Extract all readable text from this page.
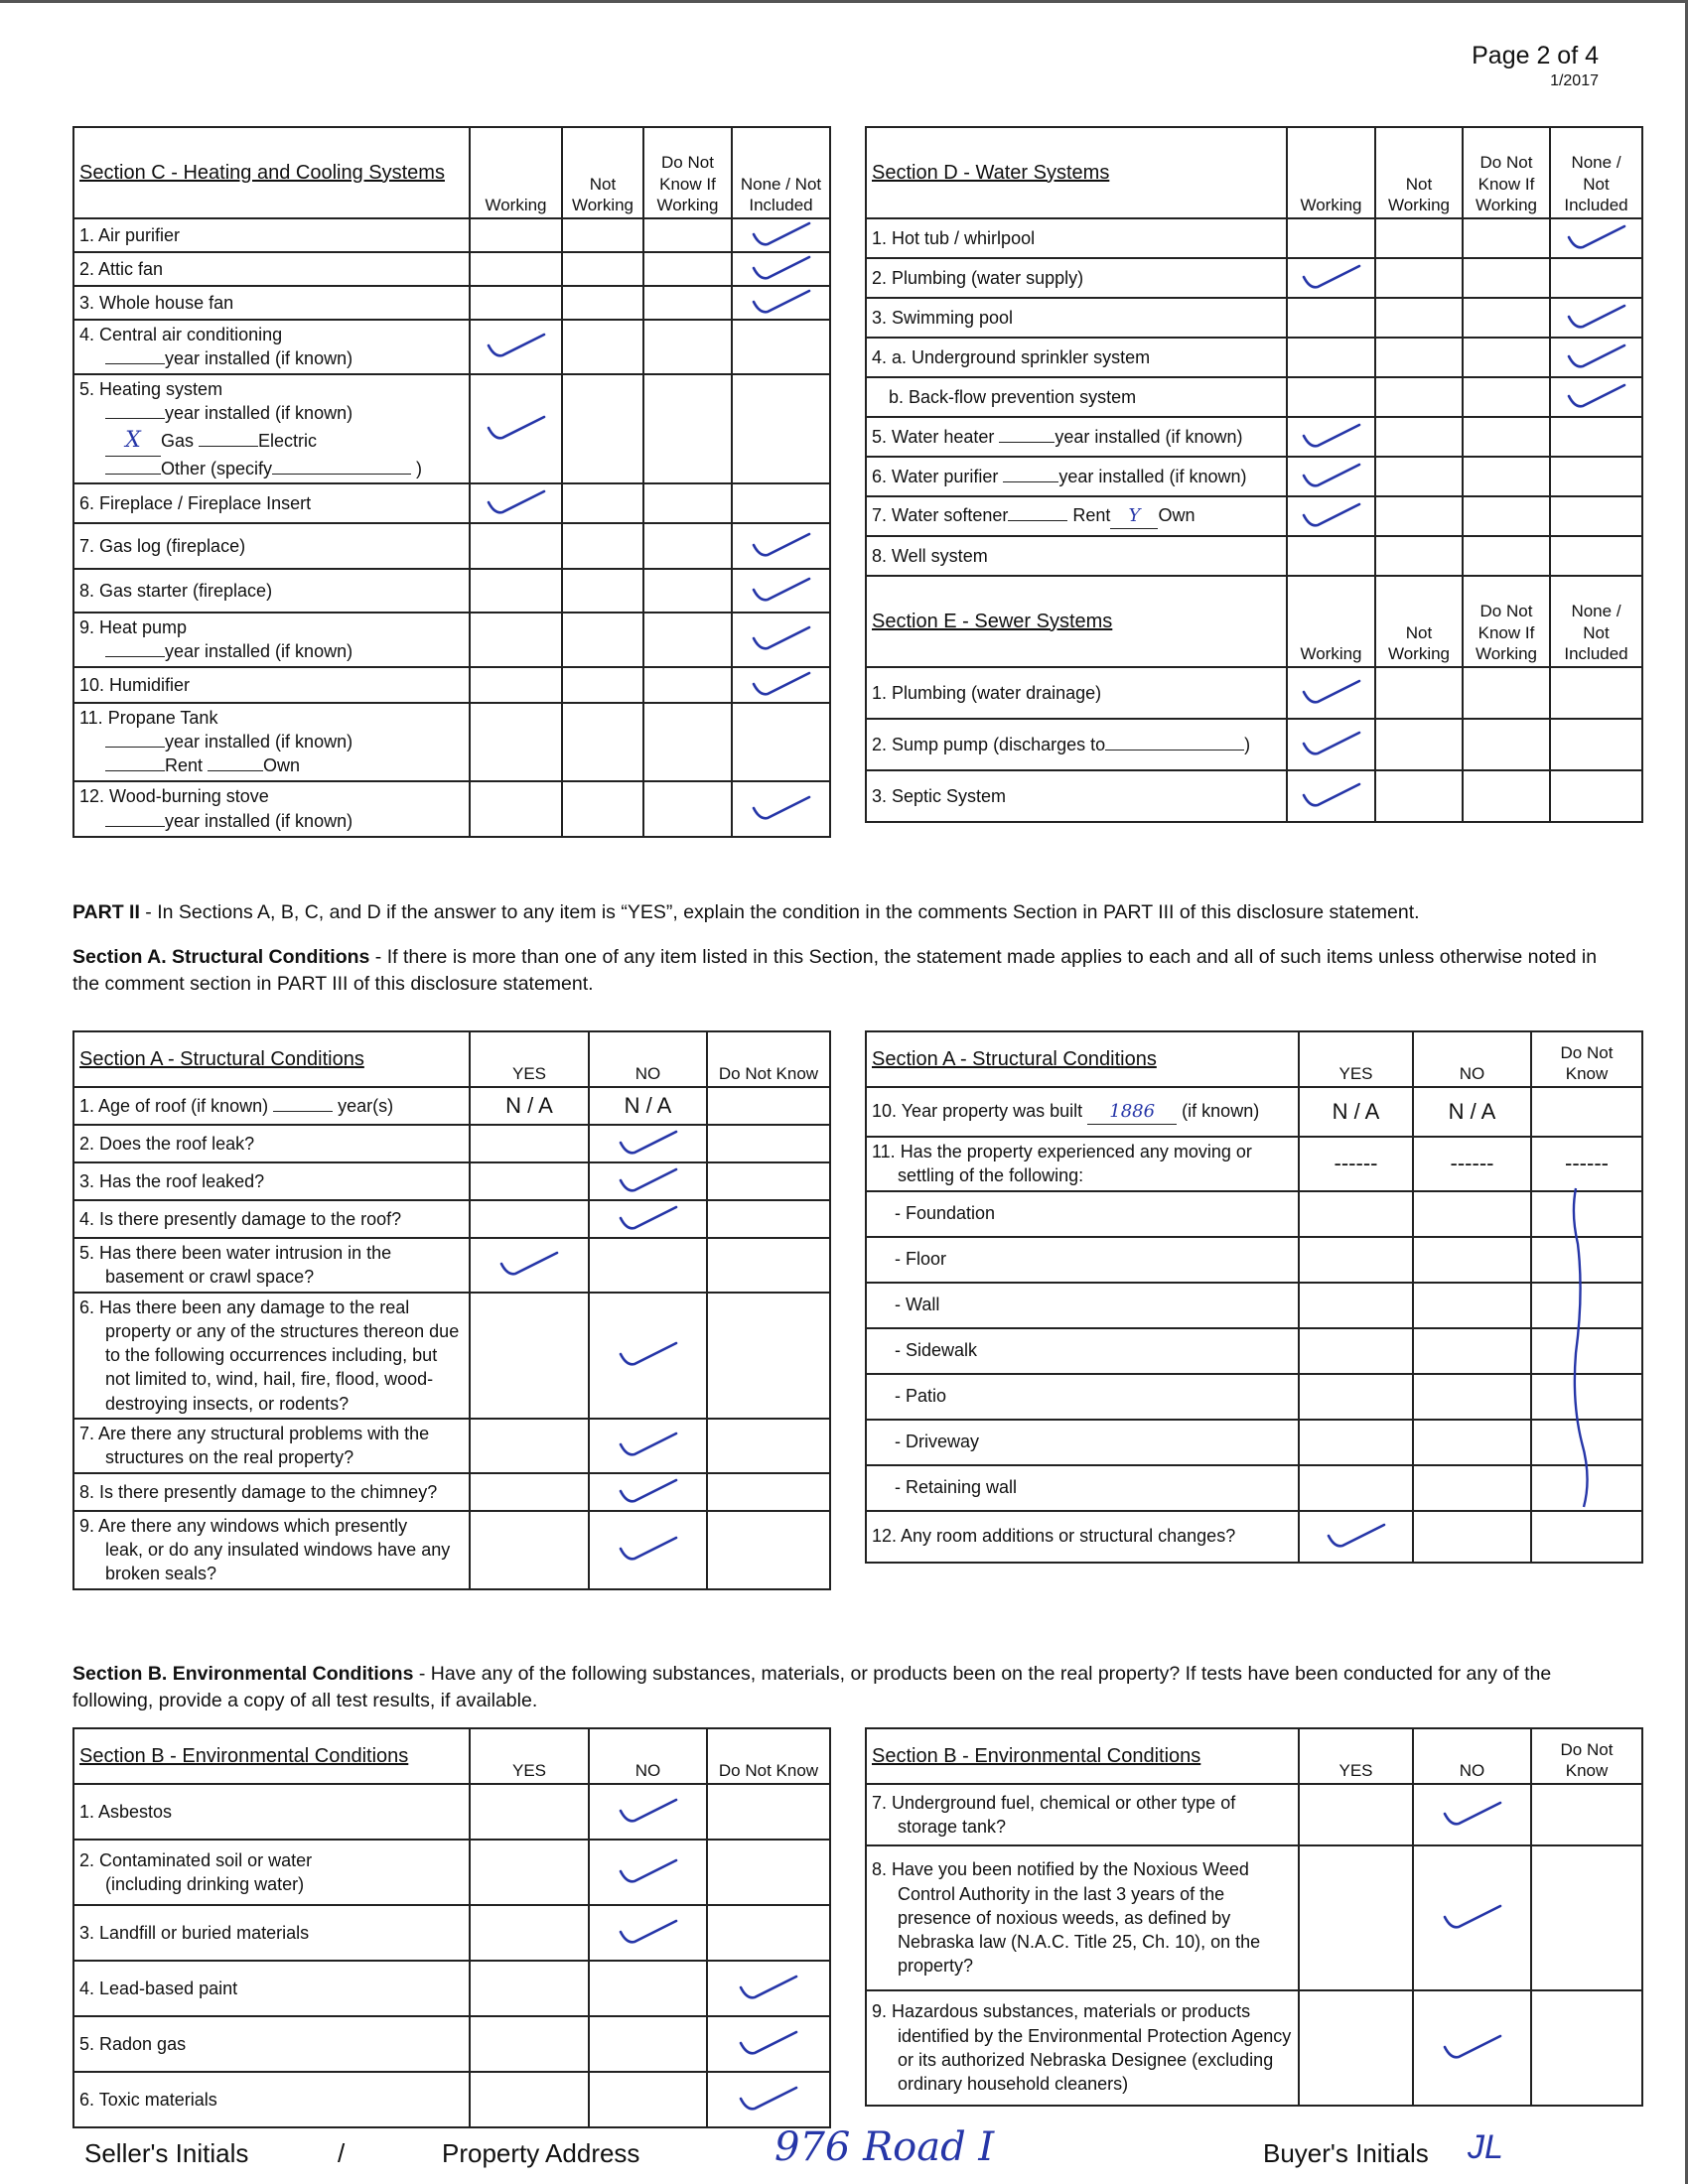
Page 2 of 4
1/2017
Section C - Heating and Cooling Systems	Working	Not Working	Do Not Know If Working	None / Not Included
1. Air purifier				

2. Attic fan				

3. Whole house fan				

4. Central air conditioning
year installed (if known)

5. Heating system
year installed (if known)
X Gas Electric
Other (specify )

6. Fireplace / Fireplace Insert	

7. Gas log (fireplace)				

8. Gas starter (fireplace)				

9. Heat pump
year installed (if known)

10. Humidifier				

11. Propane Tank
year installed (if known)
Rent Own				

12. Wood-burning stove
year installed (if known)

Section D - Water Systems	Working	Not Working	Do Not Know If Working	None / Not Included
1. Hot tub / whirlpool				

2. Plumbing (water supply)	

3. Swimming pool				

4. a. Underground sprinkler system				

b. Back-flow prevention system				

5. Water heater year installed (if known)	

6. Water purifier year installed (if known)	

7. Water softener Rent Y Own	

8. Well system				
Section E - Sewer Systems	Working	Not Working	Do Not Know If Working	None / Not Included
1. Plumbing (water drainage)	

2. Sump pump (discharges to )	

3. Septic System	

PART II - In Sections A, B, C, and D if the answer to any item is “YES”, explain the condition in the comments Section in PART III of this disclosure statement.
Section A. Structural Conditions - If there is more than one of any item listed in this Section, the statement made applies to each and all of such items unless otherwise noted in the comment section in PART III of this disclosure statement.
Section A - Structural Conditions	YES	NO	Do Not Know
1. Age of roof (if known) year(s)	N / A	N / A	
2. Does the roof leak?		

3. Has the roof leaked?		

4. Is there presently damage to the roof?		

5. Has there been water intrusion in the
basement or crawl space?

6. Has there been any damage to the real
property or any of the structures thereon due to the following occurrences including, but not limited to, wind, hail, fire, flood, wood-destroying insects, or rodents?

7. Are there any structural problems with the
structures on the real property?

8. Is there presently damage to the chimney?		

9. Are there any windows which presently
leak, or do any insulated windows have any broken seals?

Section A - Structural Conditions	YES	NO	Do Not Know
10. Year property was built 1886 (if known)	N / A	N / A	
11. Has the property experienced any moving or
settling of the following:	------	------	------
- Foundation			

- Floor			
- Wall			
- Sidewalk			
- Patio			
- Driveway			
- Retaining wall			
12. Any room additions or structural changes?	

Section B. Environmental Conditions - Have any of the following substances, materials, or products been on the real property? If tests have been conducted for any of the following, provide a copy of all test results, if available.
Section B - Environmental Conditions	YES	NO	Do Not Know
1. Asbestos		

2. Contaminated soil or water
(including drinking water)

3. Landfill or buried materials		

4. Lead-based paint			

5. Radon gas			

6. Toxic materials			
Section B - Environmental Conditions	YES	NO	Do Not Know
7. Underground fuel, chemical or other type of
storage tank?

8. Have you been notified by the Noxious Weed
Control Authority in the last 3 years of the presence of noxious weeds, as defined by Nebraska law (N.A.C. Title 25, Ch. 10), on the property?

9. Hazardous substances, materials or products
identified by the Environmental Protection Agency or its authorized Nebraska Designee (excluding ordinary household cleaners)

Seller's Initials	/	Property Address	976 Road I	Buyer's Initials JL
